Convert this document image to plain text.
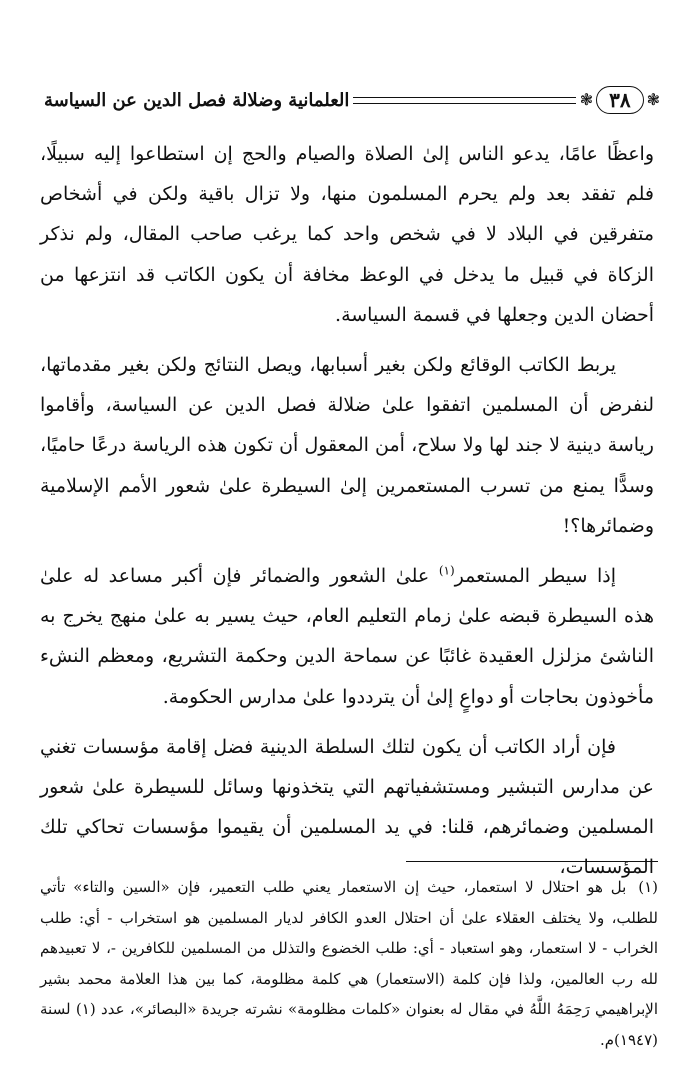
❃
٣٨
❃
العلمانية وضلالة فصل الدين عن السياسة

واعظًا عامًا، يدعو الناس إلىٰ الصلاة والصيام والحج إن استطاعوا إليه سبيلًا، فلم تفقد بعد ولم يحرم المسلمون منها، ولا تزال باقية ولكن في أشخاص متفرقين في البلاد لا في شخص واحد كما يرغب صاحب المقال، ولم نذكر الزكاة في قبيل ما يدخل في الوعظ مخافة أن يكون الكاتب قد انتزعها من أحضان الدين وجعلها في قسمة السياسة.

يربط الكاتب الوقائع ولكن بغير أسبابها، ويصل النتائج ولكن بغير مقدماتها، لنفرض أن المسلمين اتفقوا علىٰ ضلالة فصل الدين عن السياسة، وأقاموا رياسة دينية لا جند لها ولا سلاح، أمن المعقول أن تكون هذه الرياسة درعًا حاميًا، وسدًّا يمنع من تسرب المستعمرين إلىٰ السيطرة علىٰ شعور الأمم الإسلامية وضمائرها؟!

إذا سيطر المستعمر$^{(١)}$ علىٰ الشعور والضمائر فإن أكبر مساعد له علىٰ هذه السيطرة قبضه علىٰ زمام التعليم العام، حيث يسير به علىٰ منهج يخرج به الناشئ مزلزل العقيدة غائبًا عن سماحة الدين وحكمة التشريع، ومعظم النشء مأخوذون بحاجات أو دواعٍ إلىٰ أن يترددوا علىٰ مدارس الحكومة.

فإن أراد الكاتب أن يكون لتلك السلطة الدينية فضل إقامة مؤسسات تغني عن مدارس التبشير ومستشفياتهم التي يتخذونها وسائل للسيطرة علىٰ شعور المسلمين وضمائرهم، قلنا: في يد المسلمين أن يقيموا مؤسسات تحاكي تلك المؤسسات،

(١) بل هو احتلال لا استعمار، حيث إن الاستعمار يعني طلب التعمير، فإن «السين والتاء» تأتي للطلب، ولا يختلف العقلاء علىٰ أن احتلال العدو الكافر لديار المسلمين هو استخراب - أي: طلب الخراب - لا استعمار، وهو استعباد - أي: طلب الخضوع والتذلل من المسلمين للكافرين -، لا تعبيدهم لله رب العالمين، ولذا فإن كلمة (الاستعمار) هي كلمة مظلومة، كما بين هذا العلامة محمد بشير الإبراهيمي رَحِمَهُ اللَّهُ في مقال له بعنوان «كلمات مظلومة» نشرته جريدة «البصائر»، عدد (١) لسنة (١٩٤٧)م.
